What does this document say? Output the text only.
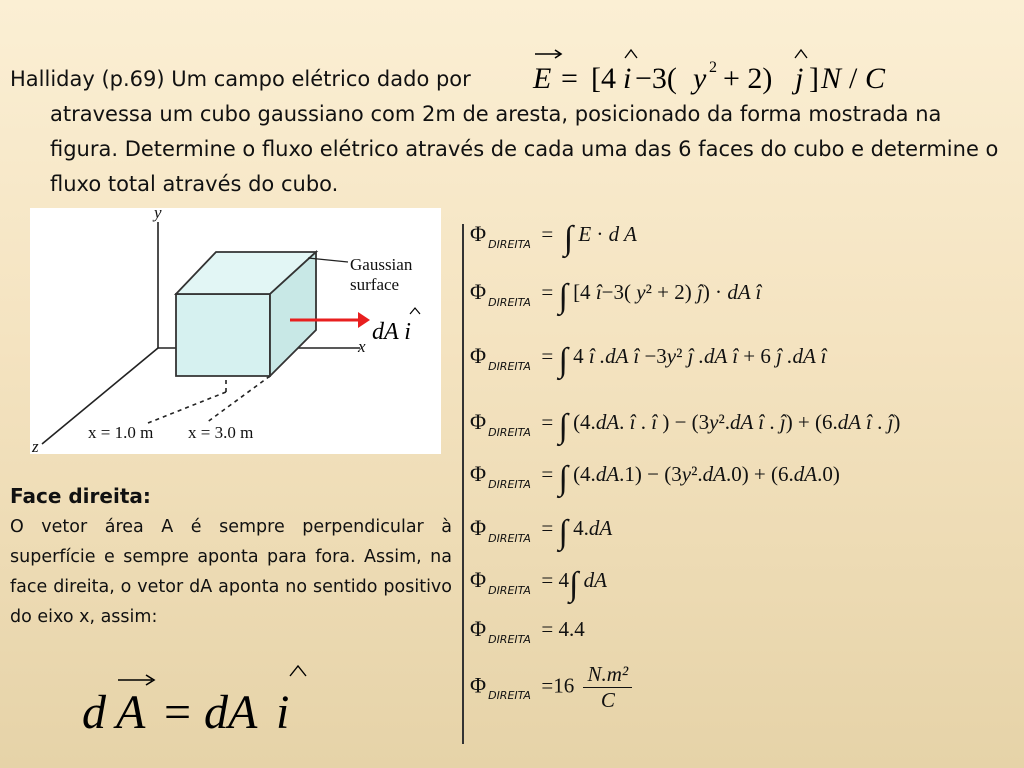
Halliday (p.69) Um campo elétrico dado por
atravessa um cubo gaussiano com 2m de aresta, posicionado da forma mostrada na figura. Determine o fluxo elétrico através de cada uma das 6 faces do cubo e determine o fluxo total através do cubo.
E = [4 i −3( y 2 + 2) j ] N / C
dA i
y
x
z
Gaussian
surface
x = 1.0 m x = 3.0 m
Face direita:
O vetor área A é sempre perpendicular à superfície e sempre aponta para fora. Assim, na face direita, o vetor dA aponta no sentido positivo do eixo x, assim:
Φ $_{DIREITA}$  =  ∫ E · d A
Φ $_{DIREITA}$  = ∫ [4 î−3( y² + 2) ĵ) · dA î
Φ $_{DIREITA}$  = ∫ 4 î .dA î −3y² ĵ .dA î + 6 ĵ .dA î
Φ $_{DIREITA}$  = ∫ (4.dA. î . î ) − (3y².dA î . ĵ) + (6.dA î . ĵ)
Φ $_{DIREITA}$  = ∫ (4.dA.1) − (3y².dA.0) + (6.dA.0)
Φ $_{DIREITA}$  = ∫ 4.dA
Φ $_{DIREITA}$  = 4∫ dA
Φ $_{DIREITA}$  = 4.4
Φ $_{DIREITA} =16 \frac{\text{N.m²}}{C}$
d A = dA i
